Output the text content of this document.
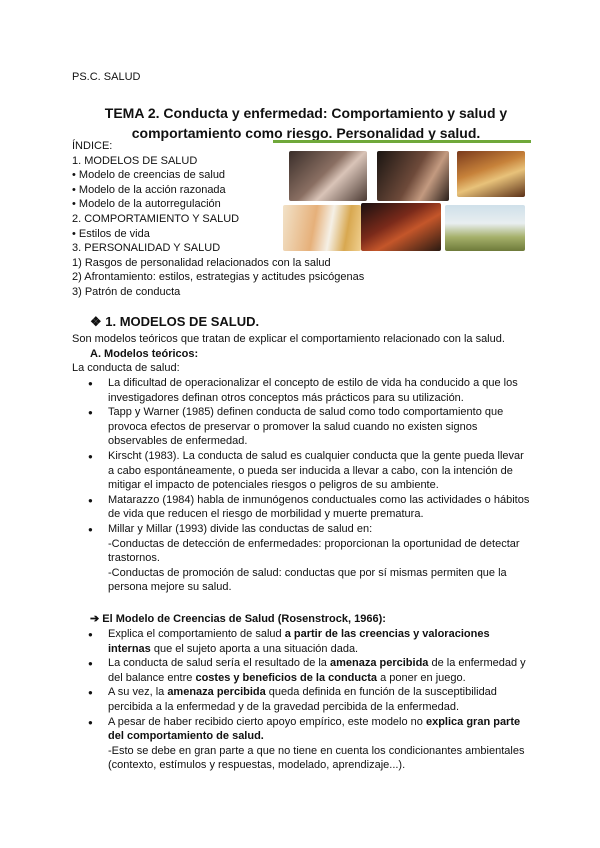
PS.C. SALUD
TEMA 2. Conducta y enfermedad: Comportamiento y salud y comportamiento como riesgo. Personalidad y salud.
ÍNDICE:
1. MODELOS DE SALUD
• Modelo de creencias de salud
• Modelo de la acción razonada
• Modelo de la autorregulación
2. COMPORTAMIENTO Y SALUD
• Estilos de vida
3. PERSONALIDAD Y SALUD
1) Rasgos de personalidad relacionados con la salud
2) Afrontamiento: estilos, estrategias y actitudes psicógenas
3) Patrón de conducta
❖ 1. MODELOS DE SALUD.
Son modelos teóricos que tratan de explicar el comportamiento relacionado con la salud.
A. Modelos teóricos:
La conducta de salud:
● La dificultad de operacionalizar el concepto de estilo de vida ha conducido a que los investigadores definan otros conceptos más prácticos para su utilización.
● Tapp y Warner (1985) definen conducta de salud como todo comportamiento que provoca efectos de preservar o promover la salud cuando no existen signos observables de enfermedad.
● Kirscht (1983). La conducta de salud es cualquier conducta que la gente pueda llevar a cabo espontáneamente, o pueda ser inducida a llevar a cabo, con la intención de mitigar el impacto de potenciales riesgos o peligros de su ambiente.
● Matarazzo (1984) habla de inmunógenos conductuales como las actividades o hábitos de vida que reducen el riesgo de morbilidad y muerte prematura.
● Millar y Millar (1993) divide las conductas de salud en:
-Conductas de detección de enfermedades: proporcionan la oportunidad de detectar trastornos.
-Conductas de promoción de salud: conductas que por sí mismas permiten que la persona mejore su salud.
➔ El Modelo de Creencias de Salud (Rosenstrock, 1966):
● Explica el comportamiento de salud a partir de las creencias y valoraciones internas que el sujeto aporta a una situación dada.
● La conducta de salud sería el resultado de la amenaza percibida de la enfermedad y del balance entre costes y beneficios de la conducta a poner en juego.
● A su vez, la amenaza percibida queda definida en función de la susceptibilidad percibida a la enfermedad y de la gravedad percibida de la enfermedad.
● A pesar de haber recibido cierto apoyo empírico, este modelo no explica gran parte del comportamiento de salud.
-Esto se debe en gran parte a que no tiene en cuenta los condicionantes ambientales (contexto, estímulos y respuestas, modelado, aprendizaje...).
